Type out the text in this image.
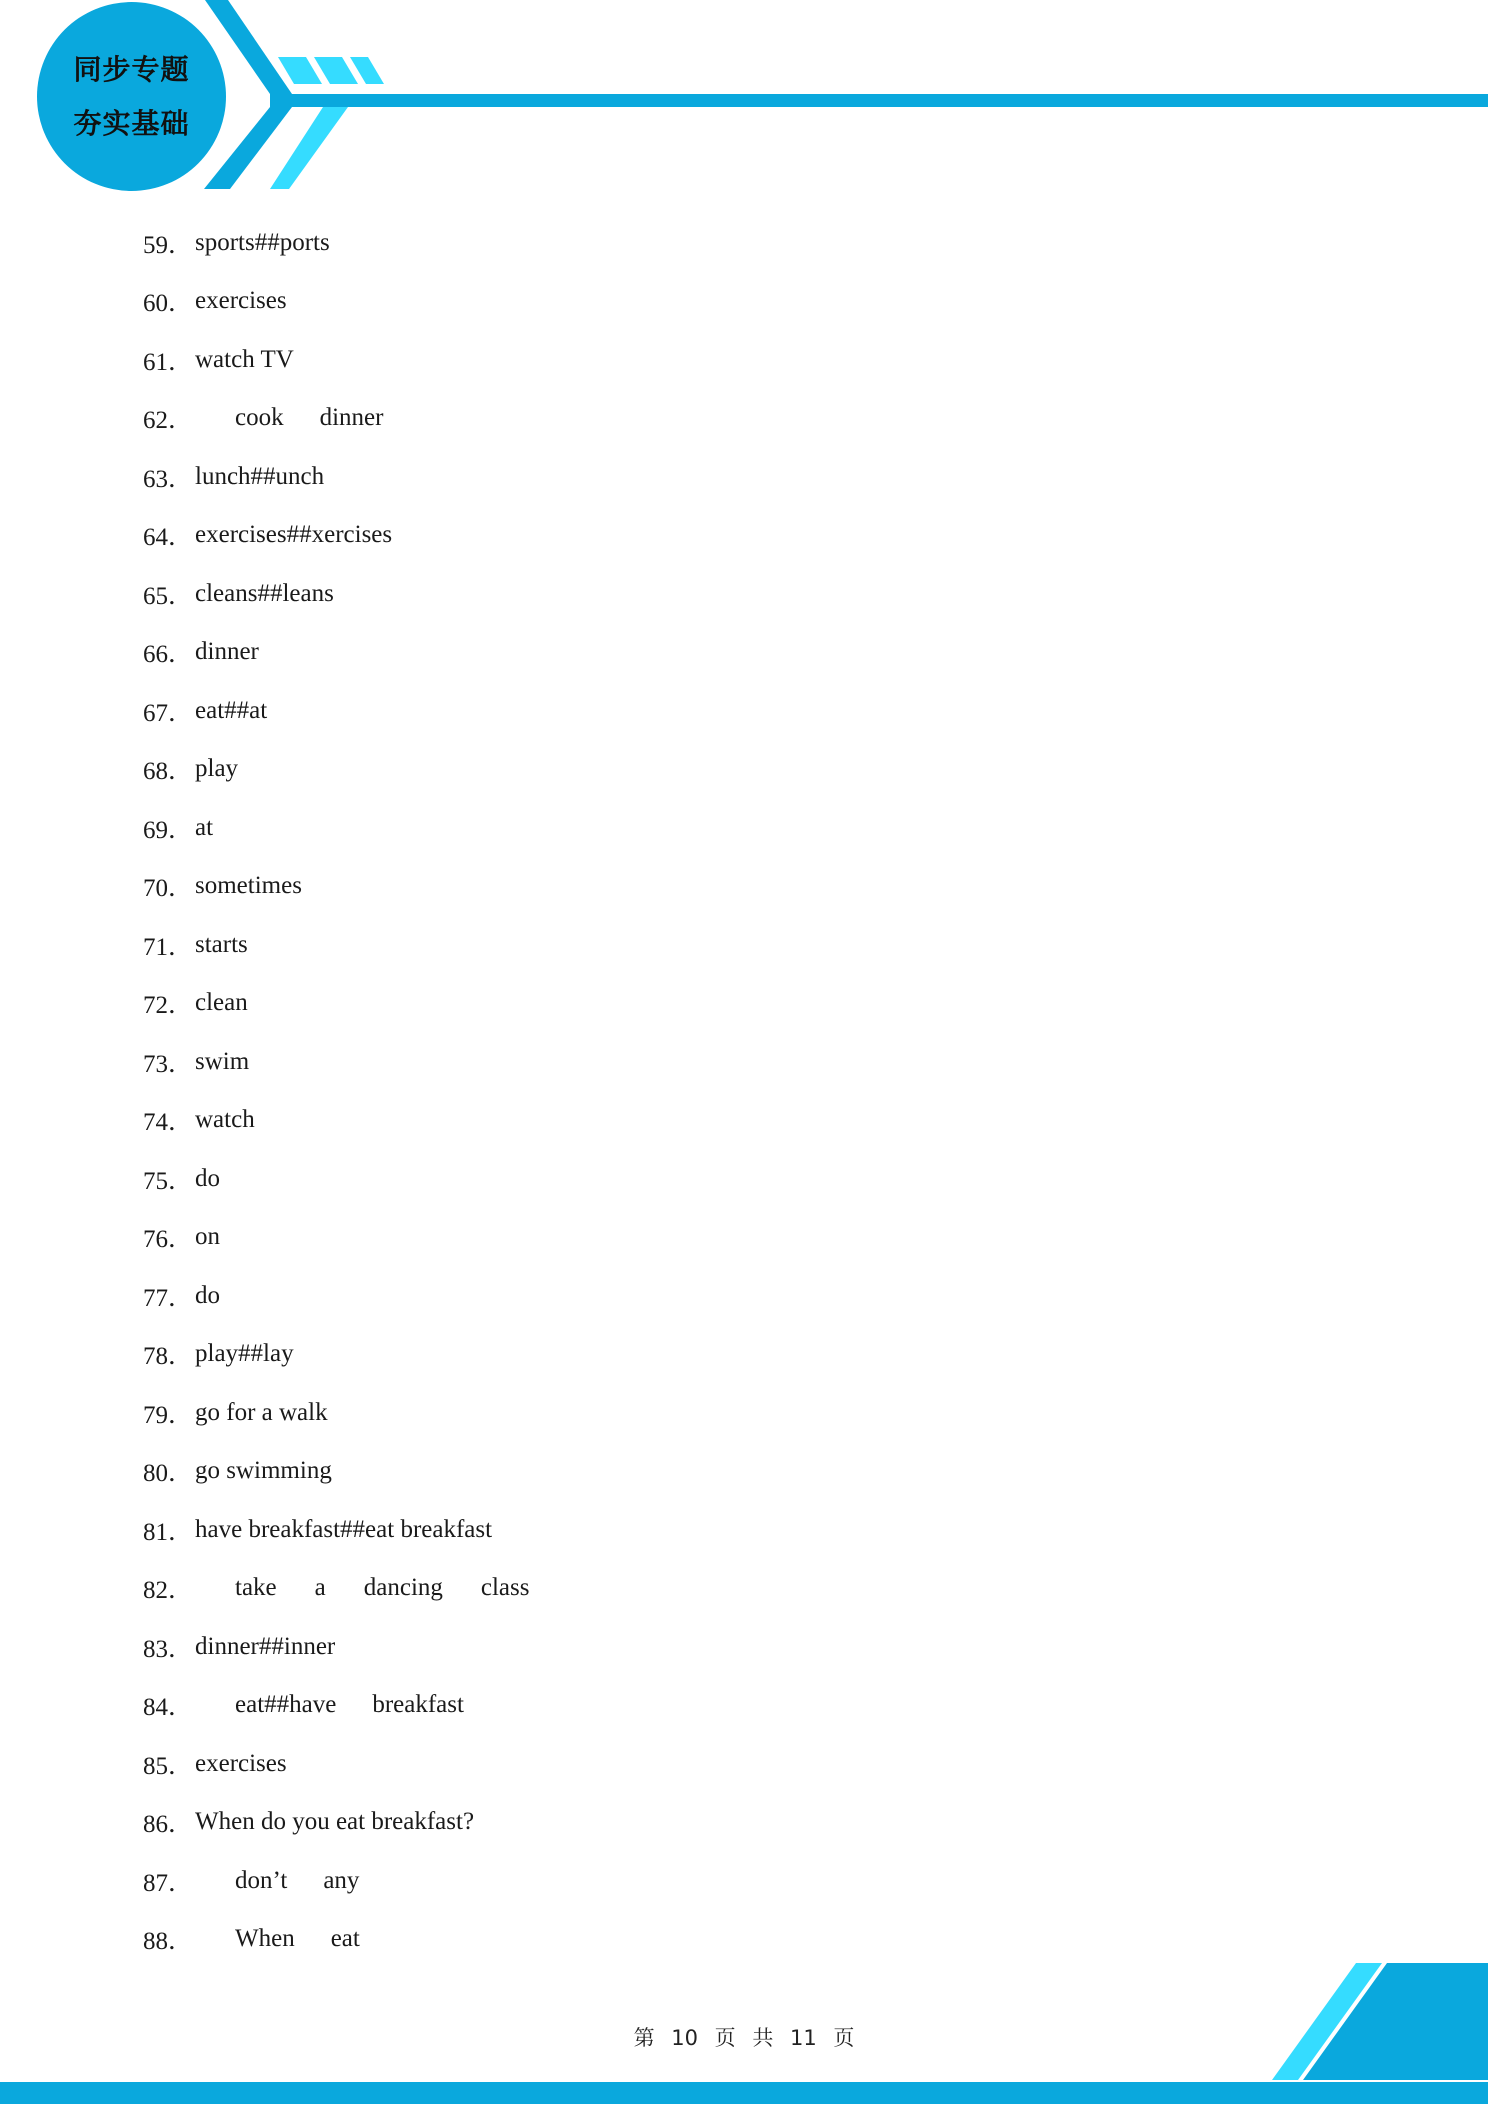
同步专题
夯实基础
59． sports##ports
60． exercises
61． watch TV
62． cook dinner
63． lunch##unch
64． exercises##xercises
65． cleans##leans
66． dinner
67． eat##at
68． play
69． at
70． sometimes
71． starts
72． clean
73． swim
74． watch
75． do
76． on
77． do
78． play##lay
79． go for a walk
80． go swimming
81． have breakfast##eat breakfast
82． take a dancing class
83． dinner##inner
84． eat##have breakfast
85． exercises
86． When do you eat breakfast?
87． don’t any
88． When eat
第 10 页 共 11 页
